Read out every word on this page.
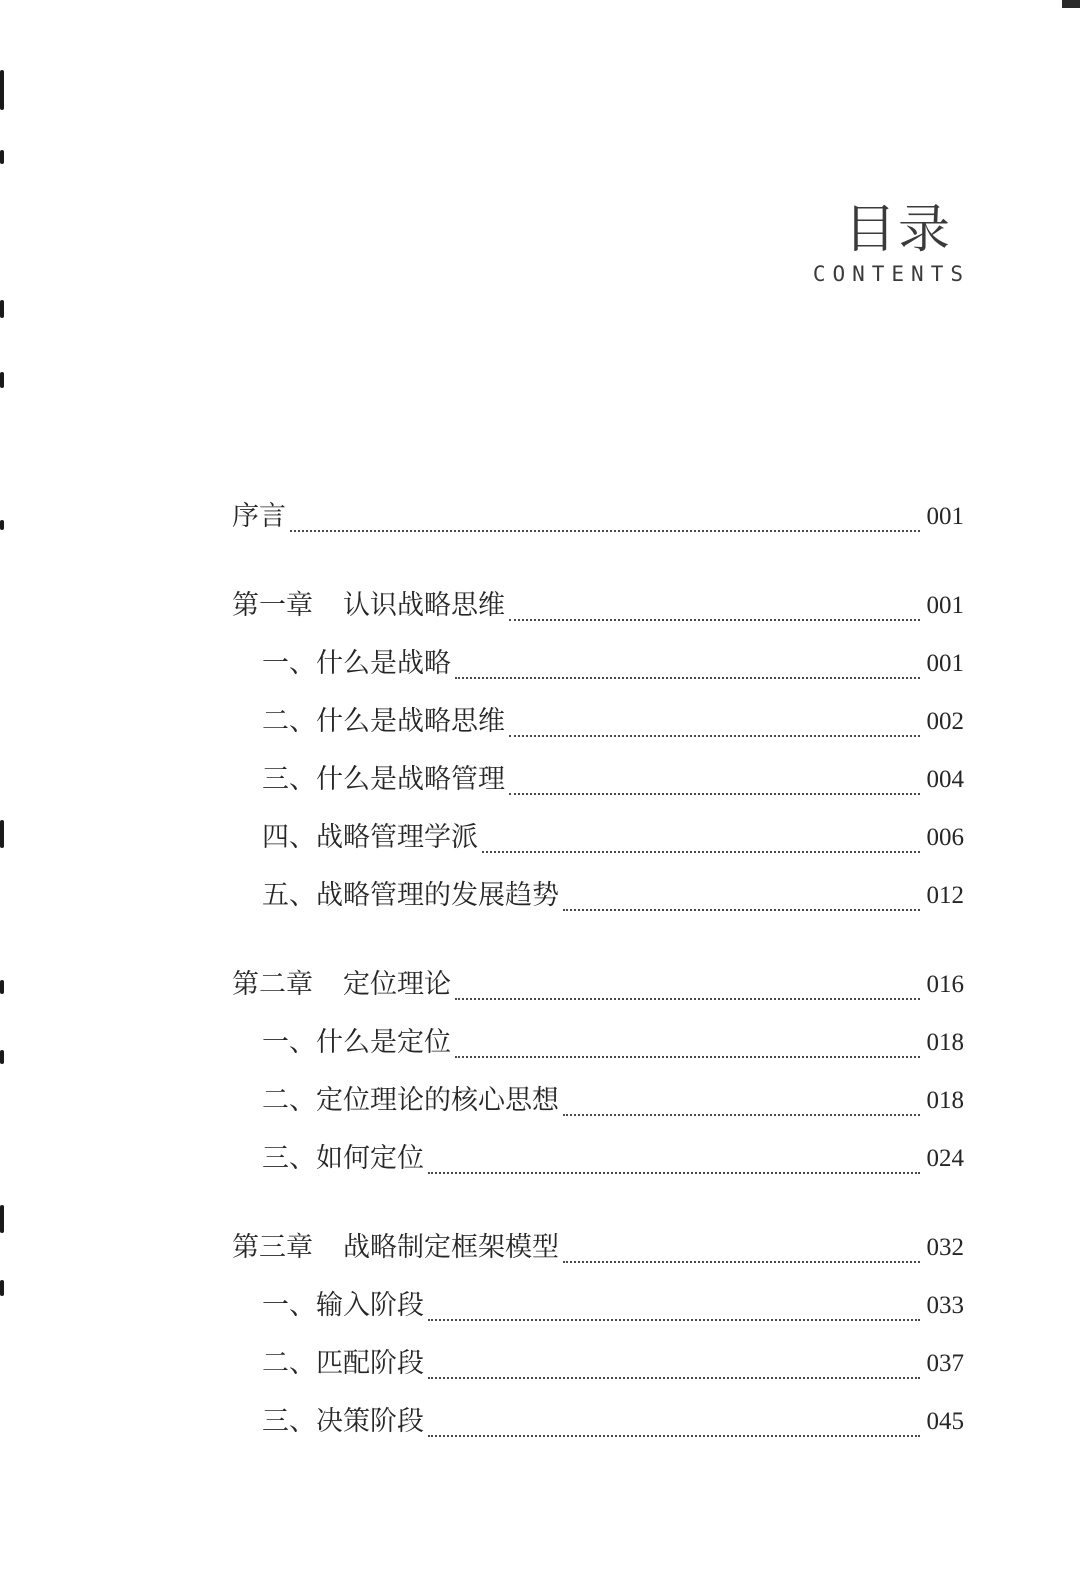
目录
CONTENTS
序言	001
第一章 认识战略思维	001
一、什么是战略	001
二、什么是战略思维	002
三、什么是战略管理	004
四、战略管理学派	006
五、战略管理的发展趋势	012
第二章 定位理论	016
一、什么是定位	018
二、定位理论的核心思想	018
三、如何定位	024
第三章 战略制定框架模型	032
一、输入阶段	033
二、匹配阶段	037
三、决策阶段	045
